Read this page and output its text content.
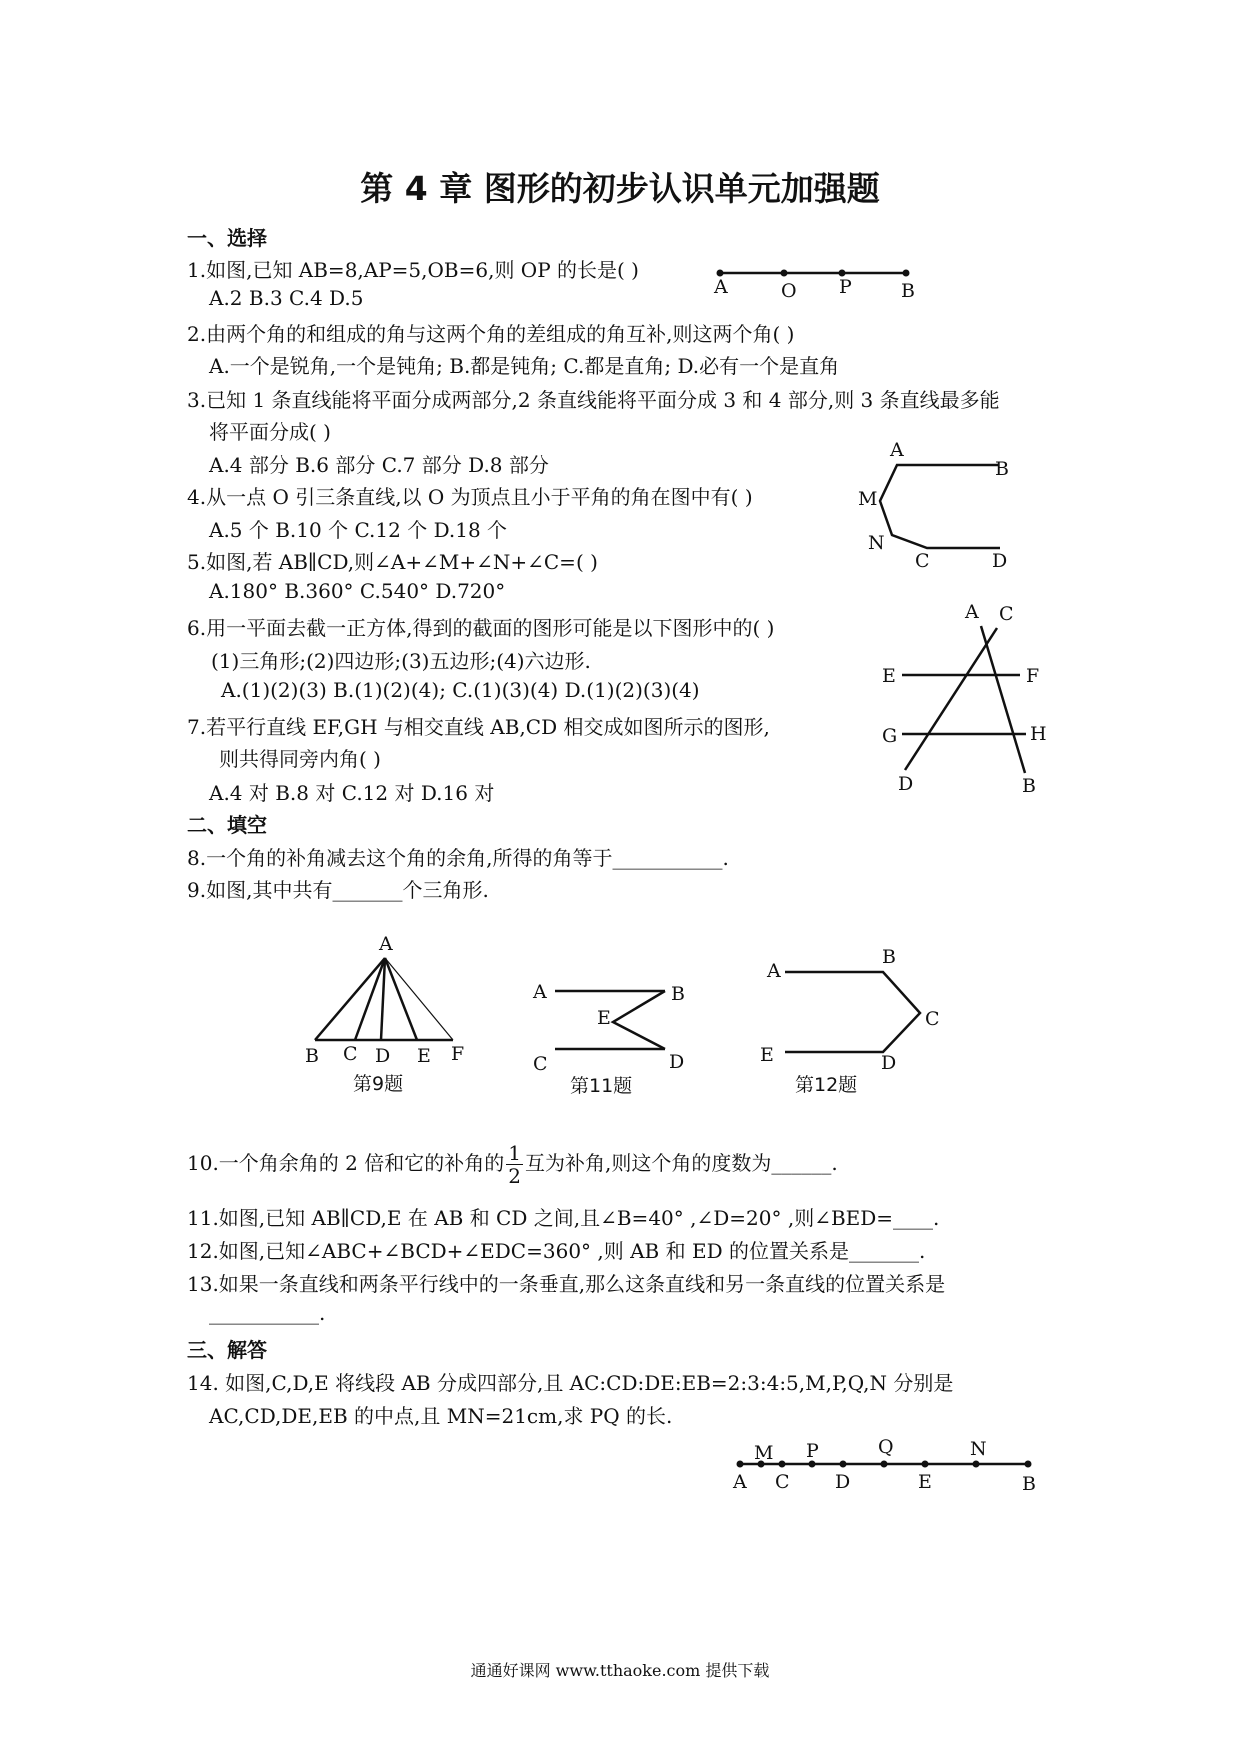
第 4 章 图形的初步认识单元加强题
一、选择
1.如图,已知 AB=8,AP=5,OB=6,则 OP 的长是( )
A.2 B.3 C.4 D.5
2.由两个角的和组成的角与这两个角的差组成的角互补,则这两个角( )
A.一个是锐角,一个是钝角; B.都是钝角; C.都是直角; D.必有一个是直角
3.已知 1 条直线能将平面分成两部分,2 条直线能将平面分成 3 和 4 部分,则 3 条直线最多能
将平面分成( )
A.4 部分 B.6 部分 C.7 部分 D.8 部分
4.从一点 O 引三条直线,以 O 为顶点且小于平角的角在图中有( )
A.5 个 B.10 个 C.12 个 D.18 个
5.如图,若 AB∥CD,则∠A+∠M+∠N+∠C=( )
A.180° B.360° C.540° D.720°
6.用一平面去截一正方体,得到的截面的图形可能是以下图形中的( )
(1)三角形;(2)四边形;(3)五边形;(4)六边形.
A.(1)(2)(3) B.(1)(2)(4); C.(1)(3)(4) D.(1)(2)(3)(4)
7.若平行直线 EF,GH 与相交直线 AB,CD 相交成如图所示的图形,
则共得同旁内角( )
A.4 对 B.8 对 C.12 对 D.16 对
二、填空
8.一个角的补角减去这个角的余角,所得的角等于___________.
9.如图,其中共有_______个三角形.
10.一个角余角的 2 倍和它的补角的 $\frac{1}{2}$ 互为补角,则这个角的度数为______.
11.如图,已知 AB∥CD,E 在 AB 和 CD 之间,且∠B=40° ,∠D=20° ,则∠BED=____.
12.如图,已知∠ABC+∠BCD+∠EDC=360° ,则 AB 和 ED 的位置关系是_______.
13.如果一条直线和两条平行线中的一条垂直,那么这条直线和另一条直线的位置关系是
___________.
三、解答
14. 如图,C,D,E 将线段 AB 分成四部分,且 AC:CD:DE:EB=2:3:4:5,M,P,Q,N 分别是
AC,CD,DE,EB 的中点,且 MN=21cm,求 PQ 的长.
A	O P	B
A
B
M
N
C	D
A C
E	F
G	H
D	B
A
B C D E F
第9题
A	B
E
C	D
第11题
A
B
C
E	D
第12题
M P	Q	N
A C D	E	B
通通好课网 www.tthaoke.com 提供下载
